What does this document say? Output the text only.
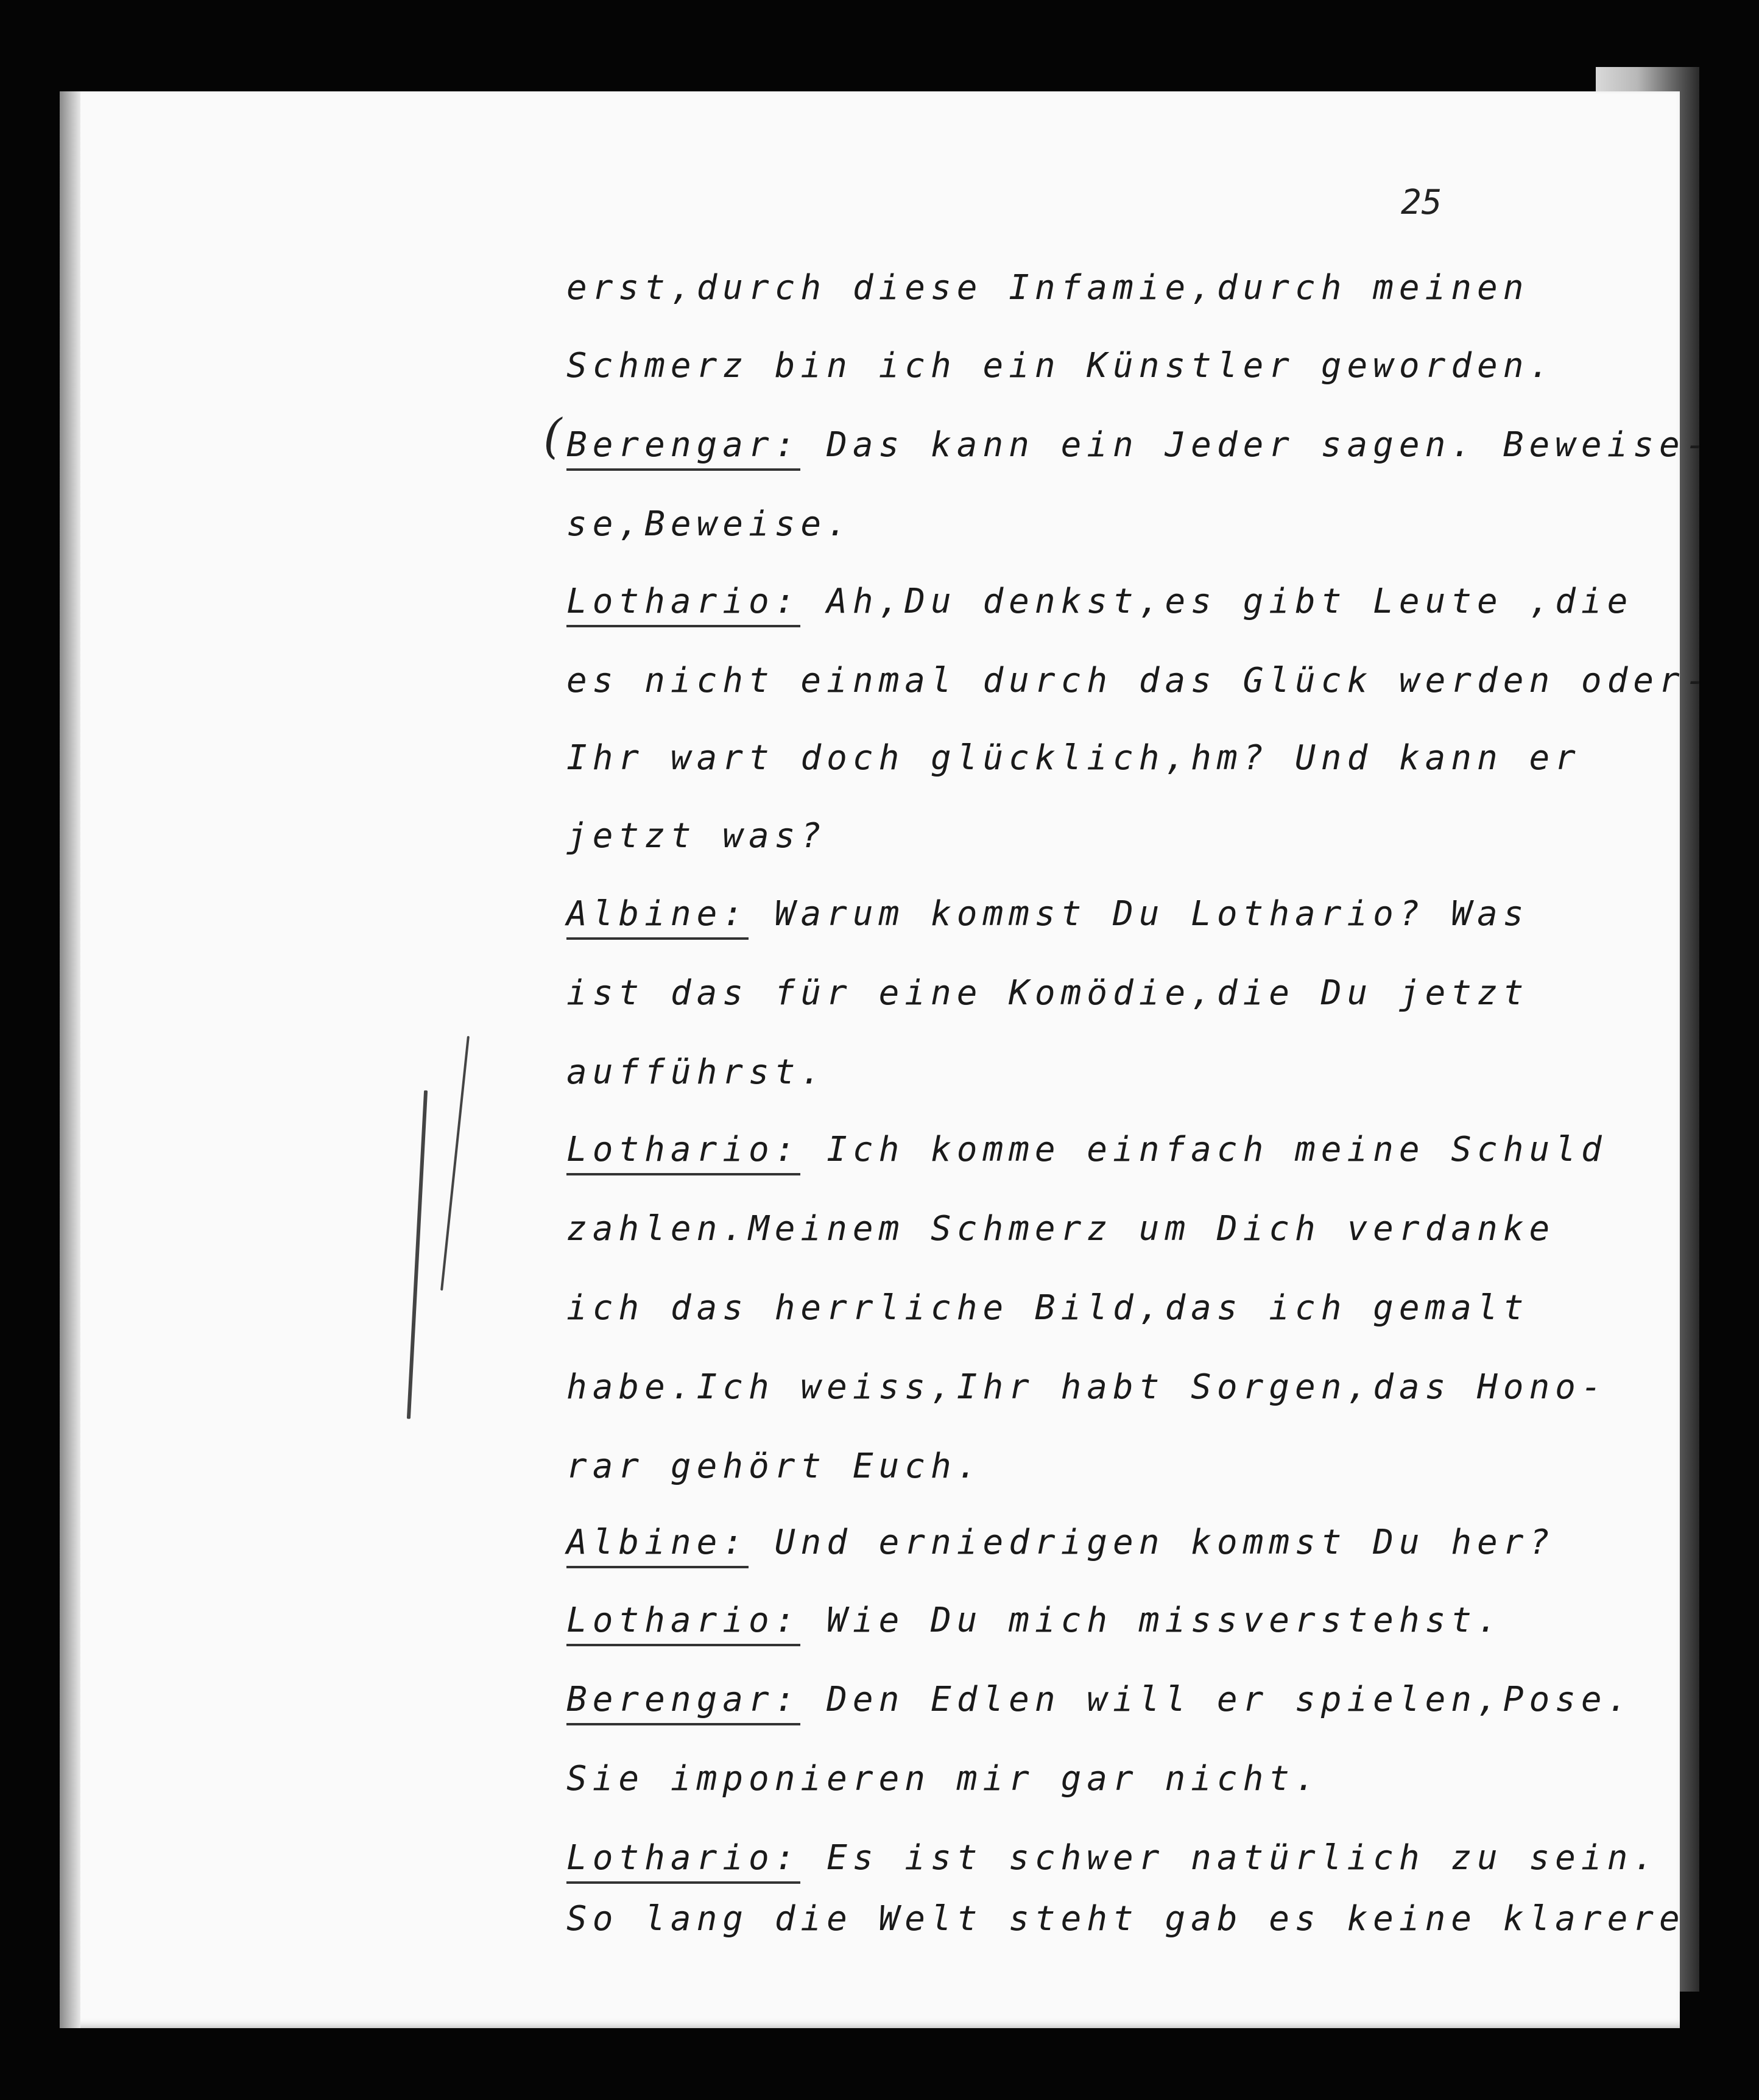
25
(
erst,durch diese Infamie,durch meinen
Schmerz bin ich ein Künstler geworden.
Berengar: Das kann ein Jeder sagen. Beweise-
se,Beweise.
Lothario: Ah,Du denkst,es gibt Leute ,die
es nicht einmal durch das Glück werden oder-
Ihr wart doch glücklich,hm? Und kann er
jetzt was?
Albine: Warum kommst Du Lothario? Was
ist das für eine Komödie,die Du jetzt
aufführst.
Lothario: Ich komme einfach meine Schuld
zahlen.Meinem Schmerz um Dich verdanke
ich das herrliche Bild,das ich gemalt
habe.Ich weiss,Ihr habt Sorgen,das Hono-
rar gehört Euch.
Albine: Und erniedrigen kommst Du her?
Lothario: Wie Du mich missverstehst.
Berengar: Den Edlen will er spielen,Pose.
Sie imponieren mir gar nicht.
Lothario: Es ist schwer natürlich zu sein.
So lang die Welt steht gab es keine klarere
